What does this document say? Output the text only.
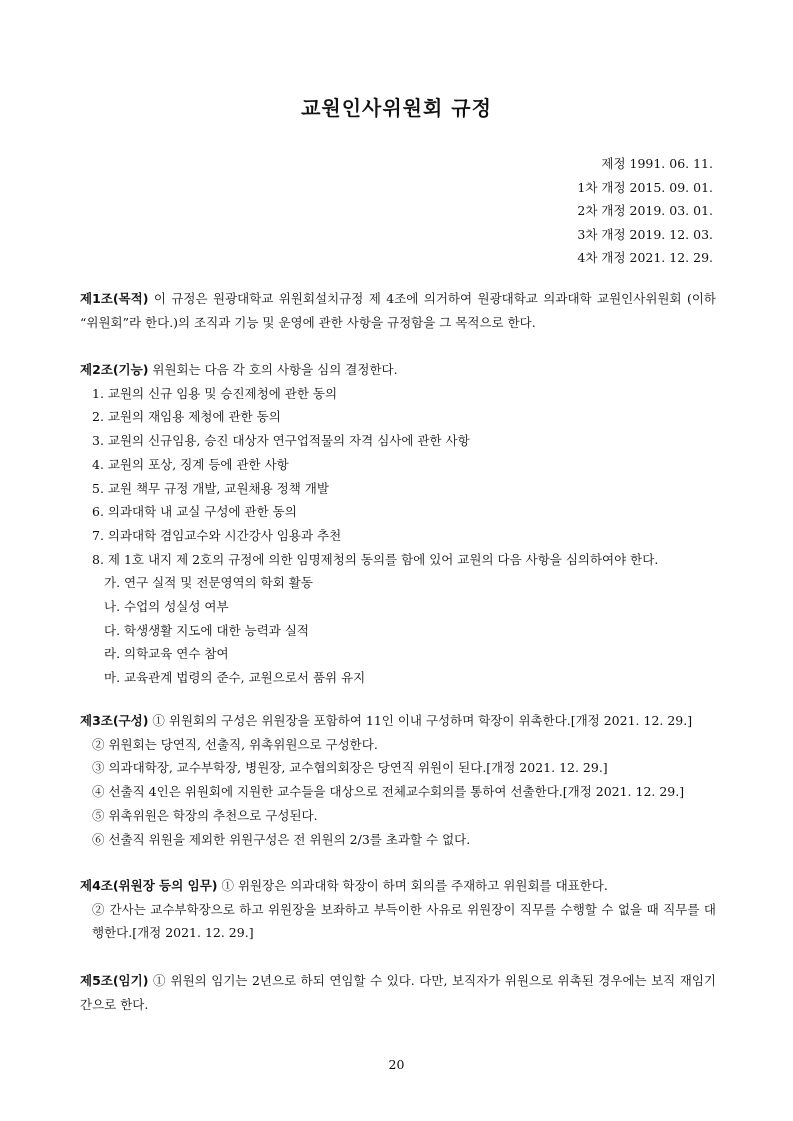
교원인사위원회 규정
제정 1991. 06. 11.
1차 개정 2015. 09. 01.
2차 개정 2019. 03. 01.
3차 개정 2019. 12. 03.
4차 개정 2021. 12. 29.
제1조(목적) 이 규정은 원광대학교 위원회설치규정 제 4조에 의거하여 원광대학교 의과대학 교원인사위원회 (이하 “위원회”라 한다.)의 조직과 기능 및 운영에 관한 사항을 규정함을 그 목적으로 한다.
제2조(기능) 위원회는 다음 각 호의 사항을 심의 결정한다.
1. 교원의 신규 임용 및 승진제청에 관한 동의
2. 교원의 재임용 제청에 관한 동의
3. 교원의 신규임용, 승진 대상자 연구업적물의 자격 심사에 관한 사항
4. 교원의 포상, 징계 등에 관한 사항
5. 교원 책무 규정 개발, 교원채용 정책 개발
6. 의과대학 내 교실 구성에 관한 동의
7. 의과대학 겸임교수와 시간강사 임용과 추천
8. 제 1호 내지 제 2호의 규정에 의한 임명제청의 동의를 함에 있어 교원의 다음 사항을 심의하여야 한다.
가. 연구 실적 및 전문영역의 학회 활동
나. 수업의 성실성 여부
다. 학생생활 지도에 대한 능력과 실적
라. 의학교육 연수 참여
마. 교육관계 법령의 준수, 교원으로서 품위 유지
제3조(구성) ① 위원회의 구성은 위원장을 포함하여 11인 이내 구성하며 학장이 위촉한다.[개정 2021. 12. 29.]
② 위원회는 당연직, 선출직, 위촉위원으로 구성한다.
③ 의과대학장, 교수부학장, 병원장, 교수협의회장은 당연직 위원이 된다.[개정 2021. 12. 29.]
④ 선출직 4인은 위원회에 지원한 교수들을 대상으로 전체교수회의를 통하여 선출한다.[개정 2021. 12. 29.]
⑤ 위촉위원은 학장의 추천으로 구성된다.
⑥ 선출직 위원을 제외한 위원구성은 전 위원의 2/3를 초과할 수 없다.
제4조(위원장 등의 임무) ① 위원장은 의과대학 학장이 하며 회의를 주재하고 위원회를 대표한다.
② 간사는 교수부학장으로 하고 위원장을 보좌하고 부득이한 사유로 위원장이 직무를 수행할 수 없을 때 직무를 대행한다.[개정 2021. 12. 29.]
제5조(임기) ① 위원의 임기는 2년으로 하되 연임할 수 있다. 다만, 보직자가 위원으로 위촉된 경우에는 보직 재임기간으로 한다.
20
